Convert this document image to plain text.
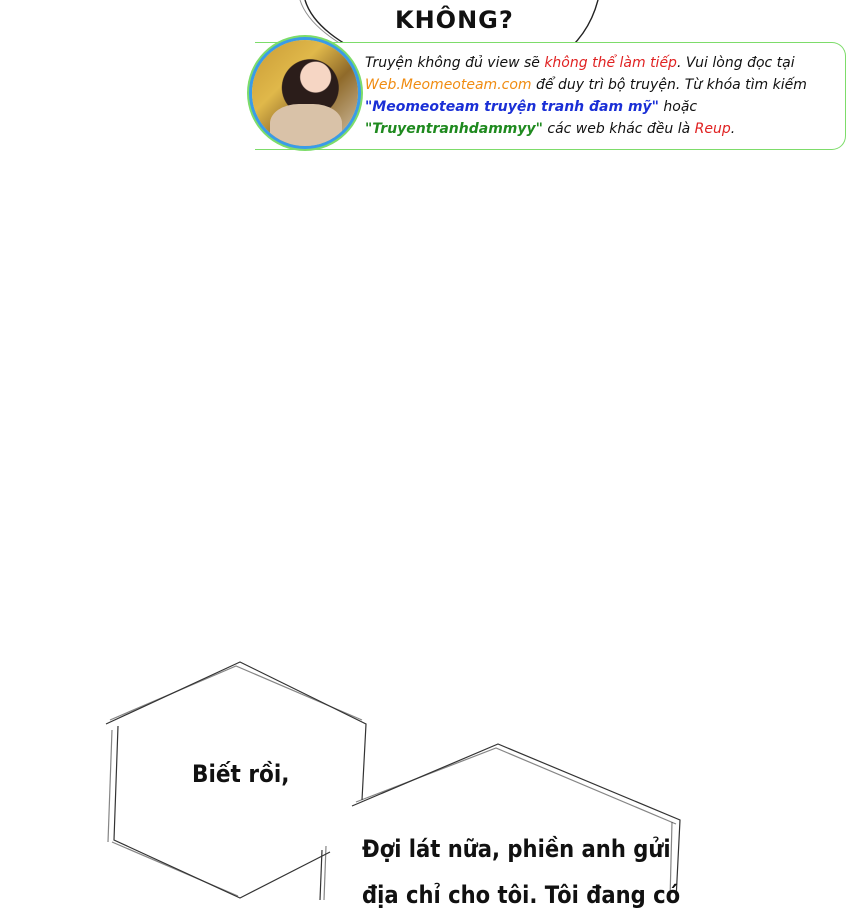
KHÔNG?
Truyện không đủ view sẽ không thể làm tiếp. Vui lòng đọc tại
Web.Meomeoteam.com để duy trì bộ truyện. Từ khóa tìm kiếm
"Meomeoteam truyện tranh đam mỹ" hoặc
"Truyentranhdammyy" các web khác đều là Reup.
Biết rồi,
Đợi lát nữa, phiền anh gửi
địa chỉ cho tôi. Tôi đang có
